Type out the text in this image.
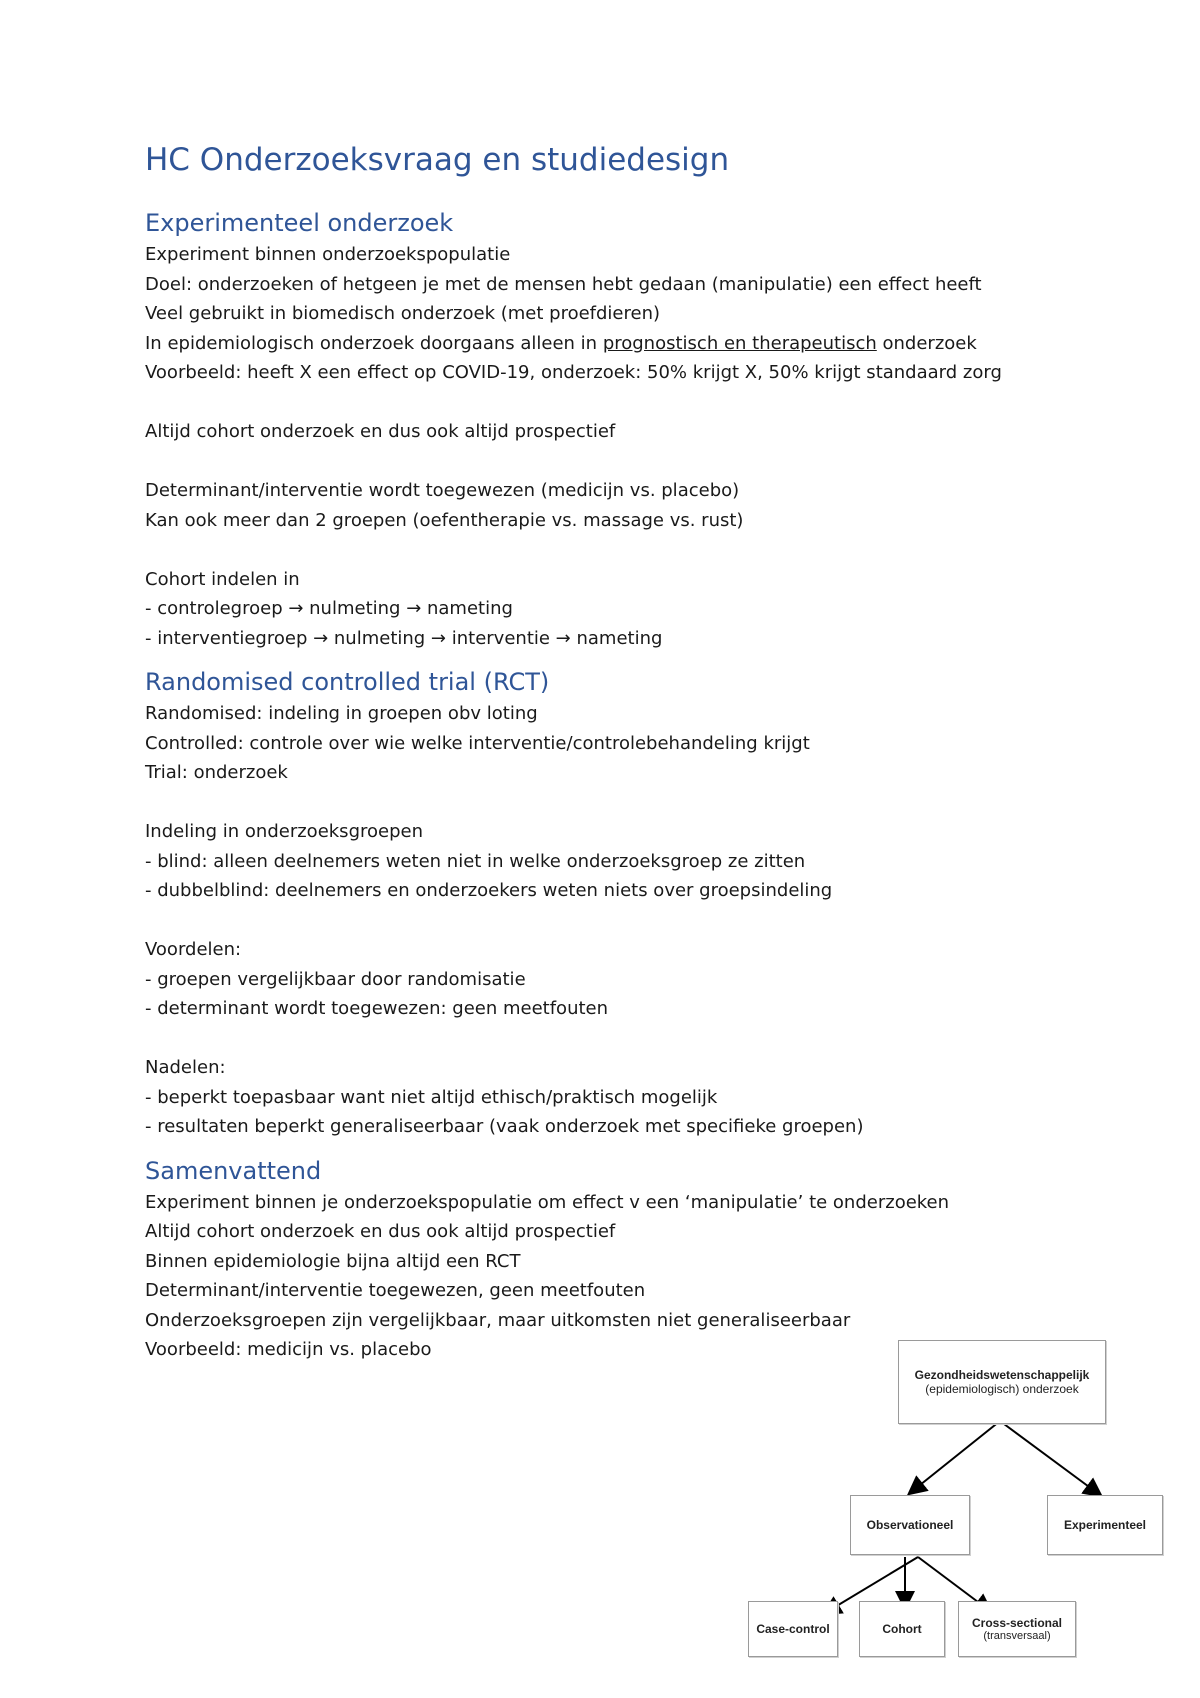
HC Onderzoeksvraag en studiedesign
Experimenteel onderzoek
Experiment binnen onderzoekspopulatie
Doel: onderzoeken of hetgeen je met de mensen hebt gedaan (manipulatie) een effect heeft
Veel gebruikt in biomedisch onderzoek (met proefdieren)
In epidemiologisch onderzoek doorgaans alleen in prognostisch en therapeutisch onderzoek
Voorbeeld: heeft X een effect op COVID-19, onderzoek: 50% krijgt X, 50% krijgt standaard zorg
Altijd cohort onderzoek en dus ook altijd prospectief
Determinant/interventie wordt toegewezen (medicijn vs. placebo)
Kan ook meer dan 2 groepen (oefentherapie vs. massage vs. rust)
Cohort indelen in
- controlegroep → nulmeting → nameting
- interventiegroep → nulmeting → interventie → nameting
Randomised controlled trial (RCT)
Randomised: indeling in groepen obv loting
Controlled: controle over wie welke interventie/controlebehandeling krijgt
Trial: onderzoek
Indeling in onderzoeksgroepen
- blind: alleen deelnemers weten niet in welke onderzoeksgroep ze zitten
- dubbelblind: deelnemers en onderzoekers weten niets over groepsindeling
Voordelen:
- groepen vergelijkbaar door randomisatie
- determinant wordt toegewezen: geen meetfouten
Nadelen:
- beperkt toepasbaar want niet altijd ethisch/praktisch mogelijk
- resultaten beperkt generaliseerbaar (vaak onderzoek met specifieke groepen)
Samenvattend
Experiment binnen je onderzoekspopulatie om effect v een ‘manipulatie’ te onderzoeken
Altijd cohort onderzoek en dus ook altijd prospectief
Binnen epidemiologie bijna altijd een RCT
Determinant/interventie toegewezen, geen meetfouten
Onderzoeksgroepen zijn vergelijkbaar, maar uitkomsten niet generaliseerbaar
Voorbeeld: medicijn vs. placebo
Gezondheidswetenschappelijk
(epidemiologisch) onderzoek
Observationeel	Experimenteel
Case-control	Cohort	Cross-sectional
(transversaal)
